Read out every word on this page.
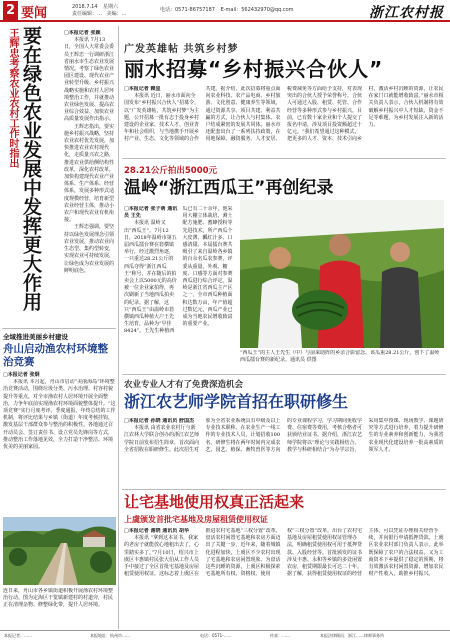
2 要闻	2018.7.14 星期六
责任编辑：… 美编：…
电话：0571-86757187 E-mail：562432970@qq.com	浙江农村报
王辉忠考察农业农村工作时指出 要在绿色农业发展中发挥更大作用	□本报记者 张颖
本报讯 7月13日，全国人大常委会委员王辉忠一行调研浙江省丽水市生态农业发展情况。考察了绿色农业园区建设、现代农业产业转型升级、乡村振兴战略实施和农村人居环境整治工作，并就推动农业绿色发展、提高农业综合效益、加快农业高质量发展作出指示。
王辉忠指出，要实施乡村振兴战略，坚持农业农村优先发展，加快推进农业农村现代化，走质量兴农之路，推进农业供给侧结构性改革，深化农村改革，加快构建现代农业产业体系、生产体系、经营体系，发展多种形式适度规模经营，培育新型农业经营主体，推动小农户和现代农业有机衔接。
王辉忠强调，要坚持以绿色发展理念引领农业发展，推动农业向生态型、集约型转变，实现农业可持续发展，让绿色成为农业发展的鲜明底色。
全域推进美丽乡村建设
舟山启动渔农村环境整治竞赛
□本报记者 张炯
本报讯 本月起，舟山市启动“美丽海岛”环境整治竞赛活动，围绕垃圾分类、污水治理、村容村貌提升等重点，对全市渔农村人居环境开展全面整治，力争年底前实现渔农村环境面貌整体提升。“这项竞赛”实行月度考评、季度通报、年终总结的工作机制，将评比结果与乡镇（街道）年度考核挂钩，激发基层干部群众参与整治的积极性。各地通过召开动员会、签订责任书、设立党员先锋岗等方式，推动整治工作落地见效，全力打造干净整洁、环境优美的美丽家园。
连日来，舟山市各乡镇街道积极开展渔农村环境整治行动。图为定海区干览镇新建村的村道旁，村民正在清理杂物、修整绿化带，提升人居环境。
广发英雄帖 共筑乡村梦
丽水招募“乡村振兴合伙人”
□本报记者 赖星
本报讯 近日，丽水市面向全国发布“乡村振兴合伙人”招募令，以“广发英雄帖，共筑乡村梦”为主题，公开招募一批有志于投身乡村建设的企业家、技术人才、创业青年和社会组织，与当地携手开展乡村产业、生态、文化等领域的合作共建。据介绍，此次招募将重点面向农业科技、农产品电商、乡村旅游、文化创意、健康养生等领域，通过资源共享、项目共建、利益共赢的方式，让合伙人与村集体、农户结成紧密的发展共同体。丽水市还配套出台了一系列扶持政策，在用地保障、融资服务、人才安居、税费减免等方面给予支持，对表现突出的合伙人授予荣誉称号。合伙人可通过入股、租赁、托管、合作经营等多种形式参与乡村振兴。目前，已有数十家企业和个人提交了报名申请，涉及项目投资额超过十亿元。“我们希望通过这种模式，把更多的人才、资本、技术引向乡村，激活乡村沉睡的资源，让农民在家门口就能增收致富。”丽水市相关负责人表示，合伙人机制将有效破解乡村振兴中人才短缺、资金不足等难题，为乡村发展注入新的活力。
28.21公斤拍出5000元
温岭“浙江西瓜王”再创纪录
□本报记者 张子萌 通讯员 王先
本报讯 温岭又出“西瓜王”。7月12日，2018年温岭市第五届西瓜擂台赛在箬横镇举行，经过激烈角逐，一只重达28.21公斤的西瓜夺得“浙江西瓜王”称号，并在随后的拍卖会上以5000元的高价被一位企业家拍得，再次刷新了当地西瓜拍卖的纪录。据了解，这只“西瓜王”由温岭市箬横镇西瓜种植大户王先生培育，品种为“早佳8424”。王先生种植西瓜已有二十余年，他采用大棚立体栽培、测土配方施肥、蜜蜂授粉等先进技术，所产西瓜个大皮薄、瓤红汁多、口感清甜。本届擂台赛共吸引了来自温岭各乡镇的百余名瓜农参赛，评委从重量、外观、糖度、口感等方面对参赛西瓜进行综合评定。温岭是浙江省西瓜主产区之一，全市西瓜种植面积达数万亩，年产值超过数亿元，西瓜产业已成为当地农民增收致富的重要产业。
“西瓜王”的主人王先生（中）与前来助阵的乡亲合影留念。该瓜重28.21公斤，创下了温岭西瓜擂台赛的新纪录。通讯员 供图
农业专业人才有了免费深造机会
浙江农艺师学院首招在职研修生
□本报记者 孙晓 通讯员 舒国杰
本报讯 由省农业农村厅与浙江农林大学联合创办的浙江农艺师学院日前发布招生简章，首次面向全省招收在职研修生。此次招生对象为全省农业系统具有中级及以上专业技术职称、在农业生产一线工作的专业技术人员，计划招收100名。研修生将在两年时间内完成农艺、园艺、植保、畜牧兽医等方向的专业课程学习，学习期间免收学费、住宿费等费用，考核合格者可获颁结业证书。据介绍，浙江农艺师学院将以“理论与实践相结合、教学与科研相结合”为办学宗旨，采用集中授课、现场教学、课题研究等方式进行培养，着力提升研修生的专业素养和创新能力，为我省农业现代化建设培养一批高素质的领军人才。
让宅基地使用权真正活起来
上虞颁发首批宅基地及房屋租赁使用权证
□本报记者 谢晓 通讯员 胡华
本报讯 “拿到这本证书，我家的老房子就能放心地租出去了，心里踏实多了。”7月10日，绍兴市上虞区丰惠镇村民张大伯从工作人员手中接过了全区首批宅基地及房屋租赁使用权证。这标志着上虞区在推进农村宅基地“三权分置”改革、盘活农村闲置宅基地和农房方面迈出了关键一步。近年来，随着城镇化进程加快，上虞区不少农村出现了宅基地和农房闲置现象。为盘活这些沉睡的资源，上虞区积极探索宅基地所有权、资格权、使用权“三权分置”改革，出台了农村宅基地及房屋租赁使用权证管理办法，明确租赁使用权可用于抵押贷款、入股经营等。首批颁发的证书涉及丰惠、永和等乡镇的多处闲置农房，租赁期限最长可达二十年。据了解，获得租赁使用权证的经营主体，可以凭证办理相关经营手续，并向银行申请抵押贷款。上虞区农业农村部门负责人表示，此举既保障了农户的合法权益，又为工商资本下乡提供了稳定的预期，将有效激活农村闲置资源，增加农民财产性收入，助推乡村振兴。
本报记者：……	本报地址：杭州市……	电话：0571-……	传真：……	本报法律顾问：浙江……律师事务所
